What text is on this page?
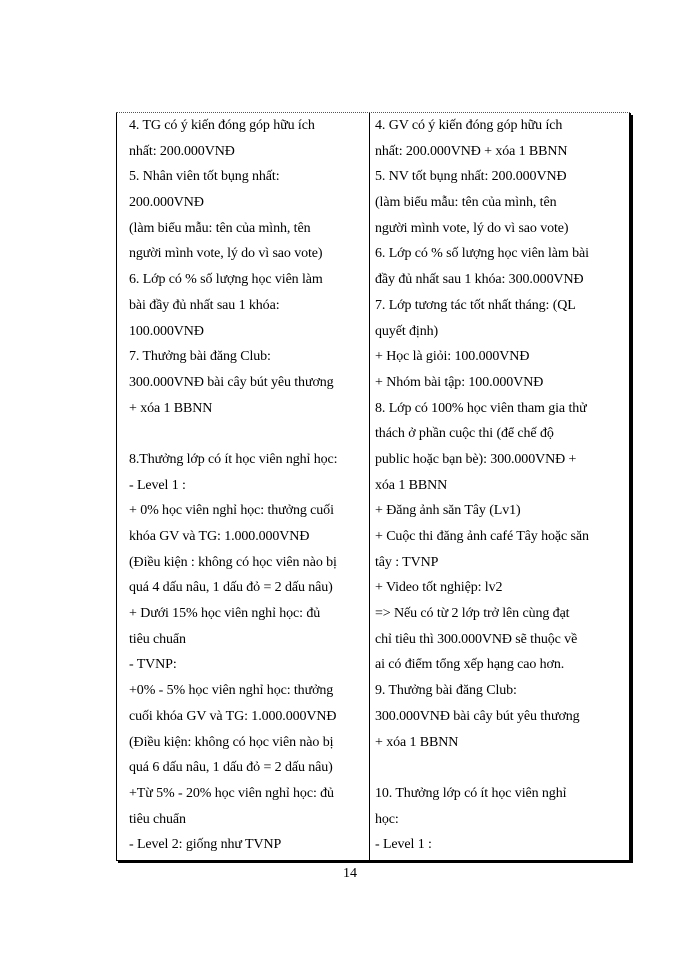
4. TG có ý kiến đóng góp hữu ích
nhất: 200.000VNĐ
5. Nhân viên tốt bụng nhất:
200.000VNĐ
(làm biểu mẫu: tên của mình, tên
người mình vote, lý do vì sao vote)
6. Lớp có % số lượng học viên làm
bài đầy đủ nhất sau 1 khóa:
100.000VNĐ
7. Thưởng bài đăng Club:
300.000VNĐ bài cây bút yêu thương
+ xóa 1 BBNN

8.Thưởng lớp có ít học viên nghỉ học:
- Level 1 :
+ 0% học viên nghỉ học: thưởng cuối
khóa GV và TG: 1.000.000VNĐ
(Điều kiện : không có học viên nào bị
quá 4 dấu nâu, 1 dấu đỏ = 2 dấu nâu)
+ Dưới 15% học viên nghỉ học: đủ
tiêu chuẩn
- TVNP:
+0% - 5% học viên nghỉ học: thưởng
cuối khóa GV và TG: 1.000.000VNĐ
(Điều kiện: không có học viên nào bị
quá 6 dấu nâu, 1 dấu đỏ = 2 dấu nâu)
+Từ 5% - 20% học viên nghỉ học: đủ
tiêu chuẩn
- Level 2: giống như TVNP
4. GV có ý kiến đóng góp hữu ích
nhất: 200.000VNĐ + xóa 1 BBNN
5. NV tốt bụng nhất: 200.000VNĐ
(làm biểu mẫu: tên của mình, tên
người mình vote, lý do vì sao vote)
6. Lớp có % số lượng học viên làm bài
đầy đủ nhất sau 1 khóa: 300.000VNĐ
7. Lớp tương tác tốt nhất tháng: (QL
quyết định)
+ Học là giỏi: 100.000VNĐ
+ Nhóm bài tập: 100.000VNĐ
8. Lớp có 100% học viên tham gia thử
thách ở phần cuộc thi (để chế độ
public hoặc bạn bè): 300.000VNĐ +
xóa 1 BBNN
+ Đăng ảnh săn Tây (Lv1)
+ Cuộc thi đăng ảnh café Tây hoặc săn
tây : TVNP
+ Video tốt nghiệp: lv2
=> Nếu có từ 2 lớp trở lên cùng đạt
chỉ tiêu thì 300.000VNĐ sẽ thuộc về
ai có điểm tổng xếp hạng cao hơn.
9. Thưởng bài đăng Club:
300.000VNĐ bài cây bút yêu thương
+ xóa 1 BBNN

10. Thưởng lớp có ít học viên nghỉ
học:
- Level 1 :
14
